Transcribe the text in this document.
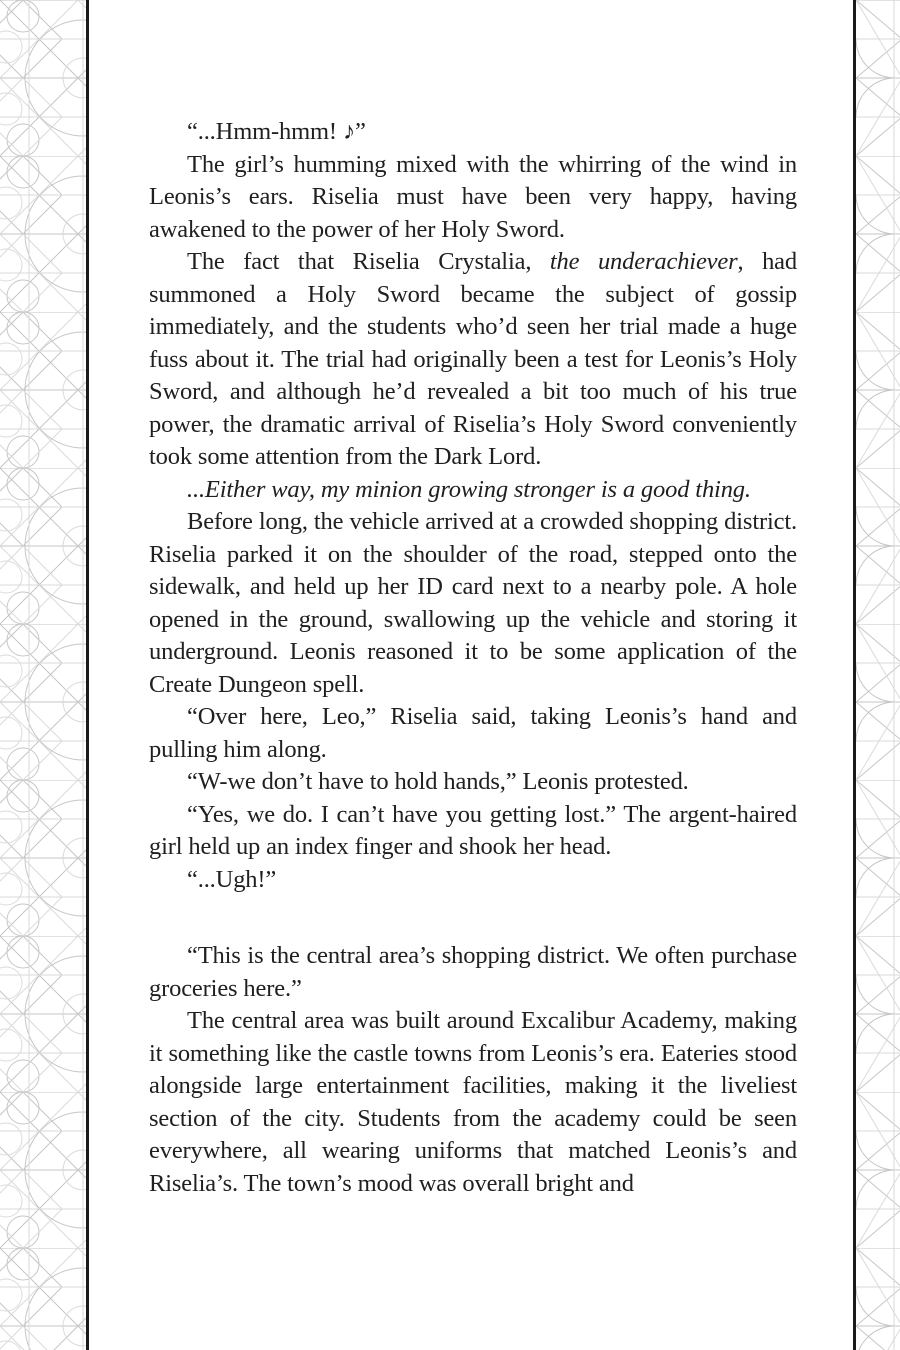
“...Hmm-hmm! ♪”

The girl’s humming mixed with the whirring of the wind in Leonis’s ears. Riselia must have been very happy, having awakened to the power of her Holy Sword.

The fact that Riselia Crystalia, the underachiever, had summoned a Holy Sword became the subject of gossip immediately, and the students who’d seen her trial made a huge fuss about it. The trial had originally been a test for Leonis’s Holy Sword, and although he’d revealed a bit too much of his true power, the dramatic arrival of Riselia’s Holy Sword conveniently took some attention from the Dark Lord.

...Either way, my minion growing stronger is a good thing.

Before long, the vehicle arrived at a crowded shopping district. Riselia parked it on the shoulder of the road, stepped onto the sidewalk, and held up her ID card next to a nearby pole. A hole opened in the ground, swallowing up the vehicle and storing it underground. Leonis reasoned it to be some application of the Create Dungeon spell.

“Over here, Leo,” Riselia said, taking Leonis’s hand and pulling him along.

“W-we don’t have to hold hands,” Leonis protested.

“Yes, we do. I can’t have you getting lost.” The argent-haired girl held up an index finger and shook her head.

“...Ugh!”

“This is the central area’s shopping district. We often purchase groceries here.”

The central area was built around Excalibur Academy, making it something like the castle towns from Leonis’s era. Eateries stood alongside large entertainment facilities, making it the liveliest section of the city. Students from the academy could be seen everywhere, all wearing uniforms that matched Leonis’s and Riselia’s. The town’s mood was overall bright and
